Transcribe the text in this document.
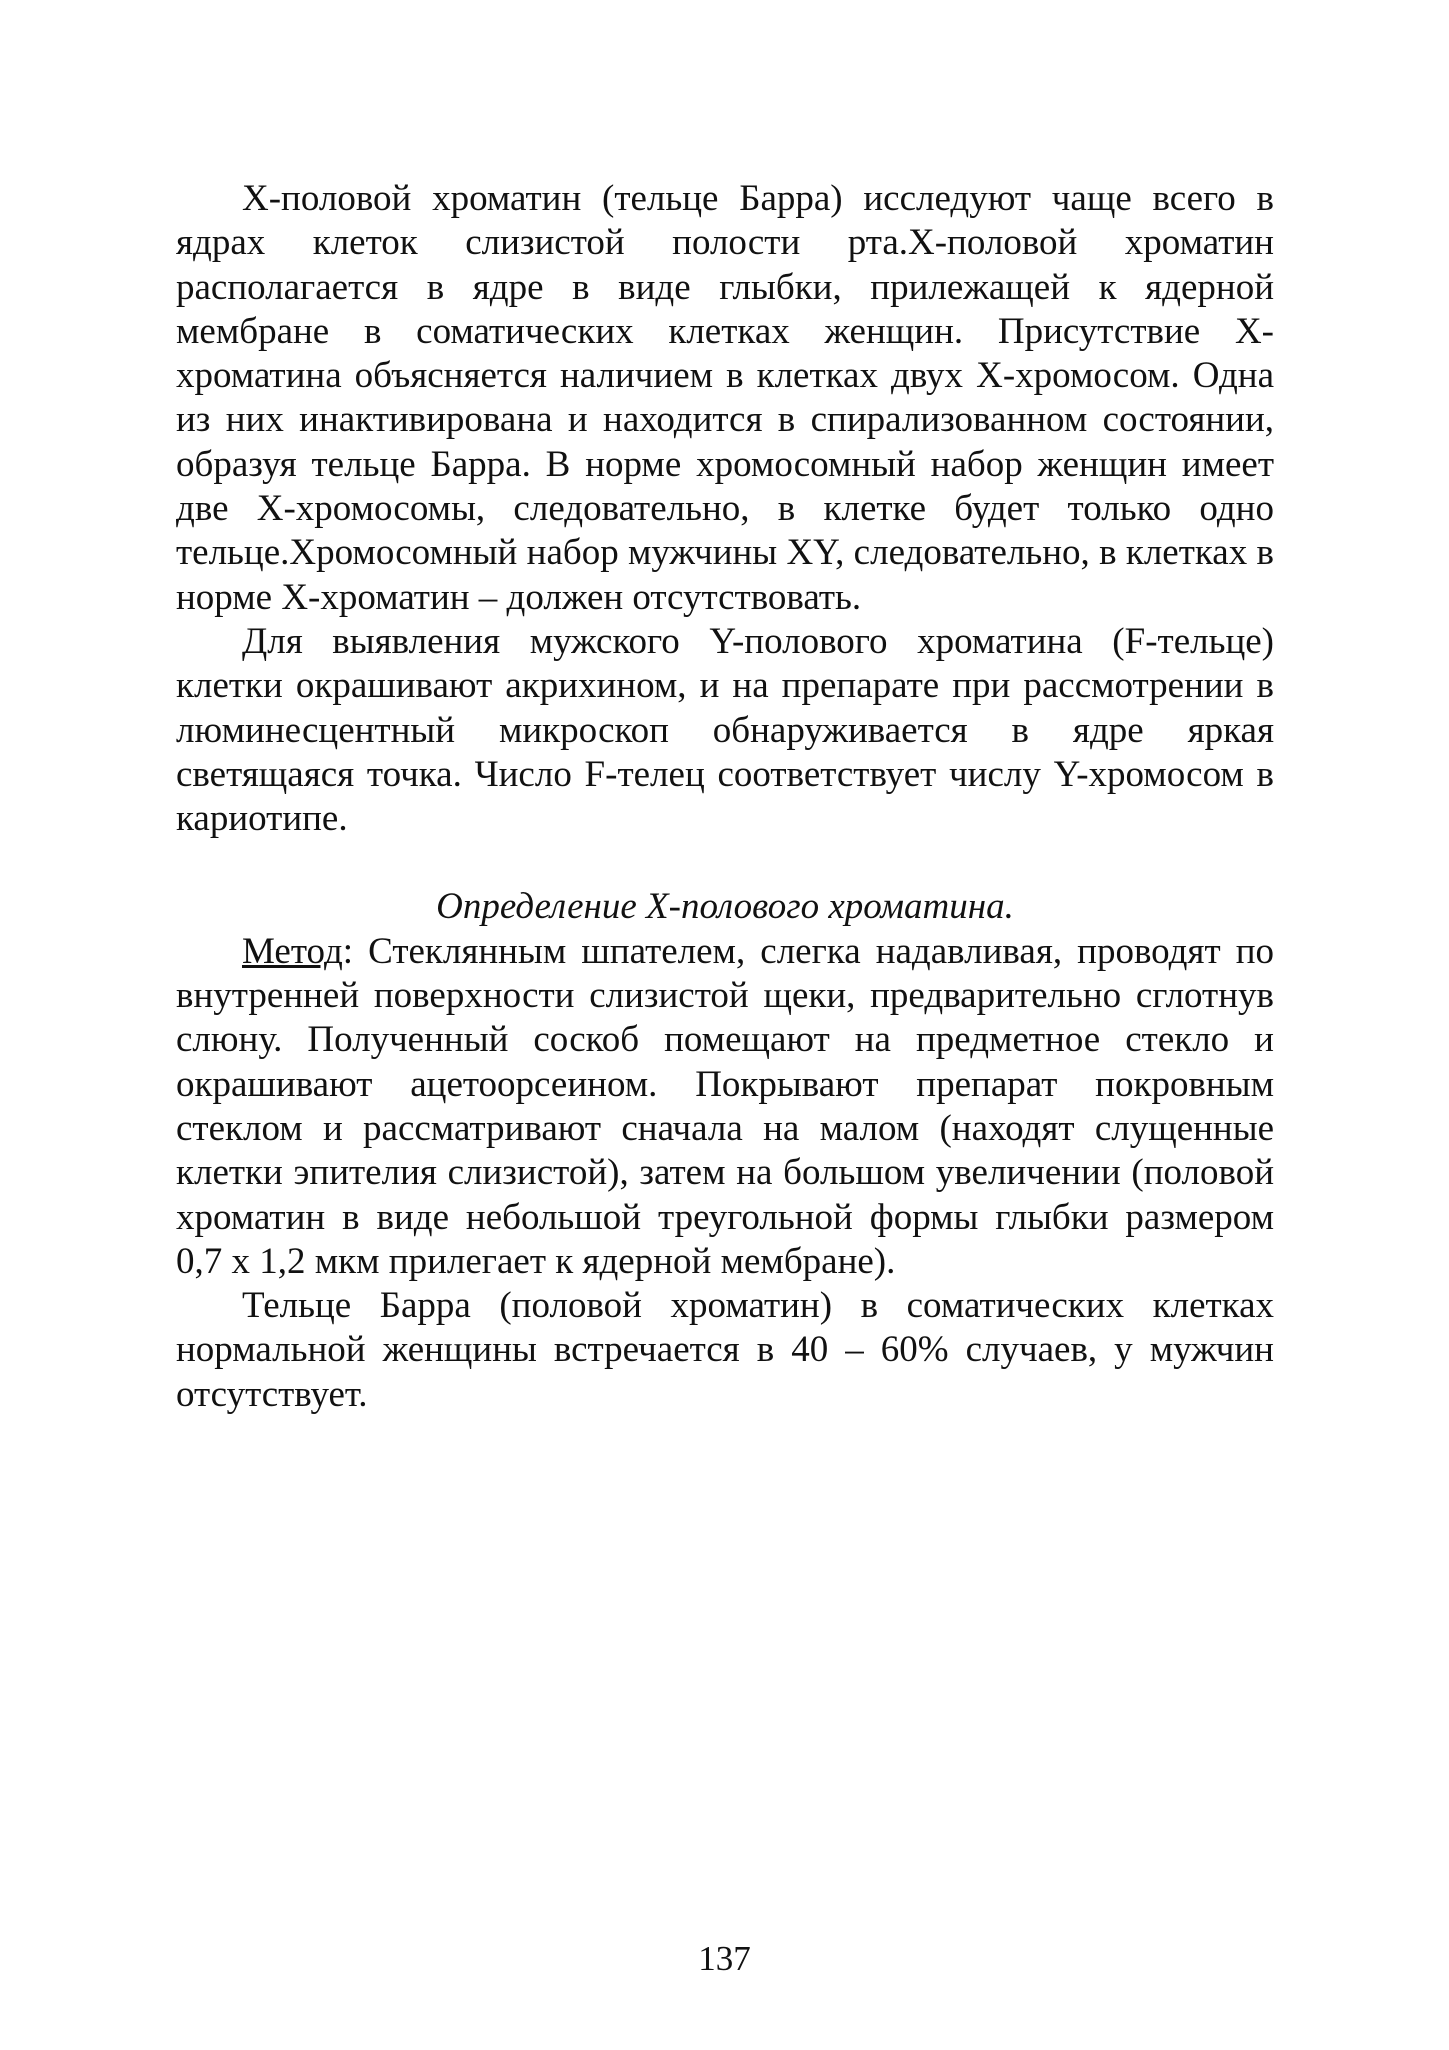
X-половой хроматин (тельце Барра) исследуют чаще всего в ядрах клеток слизистой полости рта.X-половой хроматин располагается в ядре в виде глыбки, прилежащей к ядерной мембране в соматических клетках женщин. Присутствие X-хроматина объясняется наличием в клетках двух X-хромосом. Одна из них инактивирована и находится в спирализованном состоянии, образуя тельце Барра. В норме хромосомный набор женщин имеет две X-хромосомы, следовательно, в клетке будет только одно тельце.Хромосомный набор мужчины XY, следовательно, в клетках в норме X-хроматин – должен отсутствовать.

Для выявления мужского Y-полового хроматина (F-тельце) клетки окрашивают акрихином, и на препарате при рассмотрении в люминесцентный микроскоп обнаруживается в ядре яркая светящаяся точка. Число F-телец соответствует числу Y-хромосом в кариотипе.

Определение X-полового хроматина.

Метод: Стеклянным шпателем, слегка надавливая, проводят по внутренней поверхности слизистой щеки, предварительно сглотнув слюну. Полученный соскоб помещают на предметное стекло и окрашивают ацетоорсеином. Покрывают препарат покровным стеклом и рассматривают сначала на малом (находят слущенные клетки эпителия слизистой), затем на большом увеличении (половой хроматин в виде небольшой треугольной формы глыбки размером 0,7 х 1,2 мкм прилегает к ядерной мембране).

Тельце Барра (половой хроматин) в соматических клетках нормальной женщины встречается в 40 – 60% случаев, у мужчин отсутствует.

137
